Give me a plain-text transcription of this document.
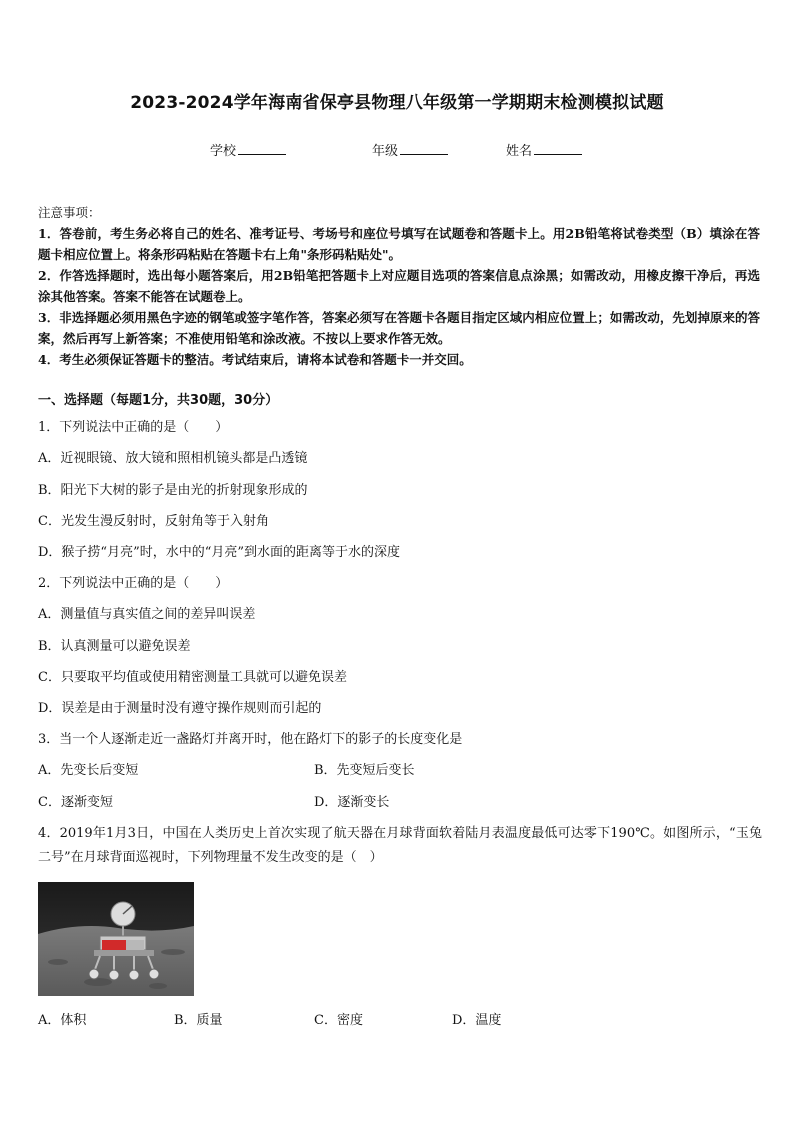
2023-2024学年海南省保亭县物理八年级第一学期期末检测模拟试题
学校	年级	姓名

注意事项：

1．答卷前，考生务必将自己的姓名、准考证号、考场号和座位号填写在试题卷和答题卡上。用2B铅笔将试卷类型（B）填涂在答题卡相应位置上。将条形码粘贴在答题卡右上角"条形码粘贴处"。

2．作答选择题时，选出每小题答案后，用2B铅笔把答题卡上对应题目选项的答案信息点涂黑；如需改动，用橡皮擦干净后，再选涂其他答案。答案不能答在试题卷上。

3．非选择题必须用黑色字迹的钢笔或签字笔作答，答案必须写在答题卡各题目指定区域内相应位置上；如需改动，先划掉原来的答案，然后再写上新答案；不准使用铅笔和涂改液。不按以上要求作答无效。

4．考生必须保证答题卡的整洁。考试结束后，请将本试卷和答题卡一并交回。

一、选择题（每题1分，共30题，30分）
1．下列说法中正确的是（　　）
A．近视眼镜、放大镜和照相机镜头都是凸透镜
B．阳光下大树的影子是由光的折射现象形成的
C．光发生漫反射时，反射角等于入射角
D．猴子捞“月亮”时，水中的“月亮”到水面的距离等于水的深度
2．下列说法中正确的是（　　）
A．测量值与真实值之间的差异叫误差
B．认真测量可以避免误差
C．只要取平均值或使用精密测量工具就可以避免误差
D．误差是由于测量时没有遵守操作规则而引起的
3．当一个人逐渐走近一盏路灯并离开时，他在路灯下的影子的长度变化是
A．先变长后变短	B．先变短后变长
C．逐渐变短	D．逐渐变长
4．2019年1月3日，中国在人类历史上首次实现了航天器在月球背面软着陆月表温度最低可达零下190℃。如图所示，“玉兔二号”在月球背面巡视时，下列物理量不发生改变的是（　）
A．体积	B．质量	C．密度	D．温度
